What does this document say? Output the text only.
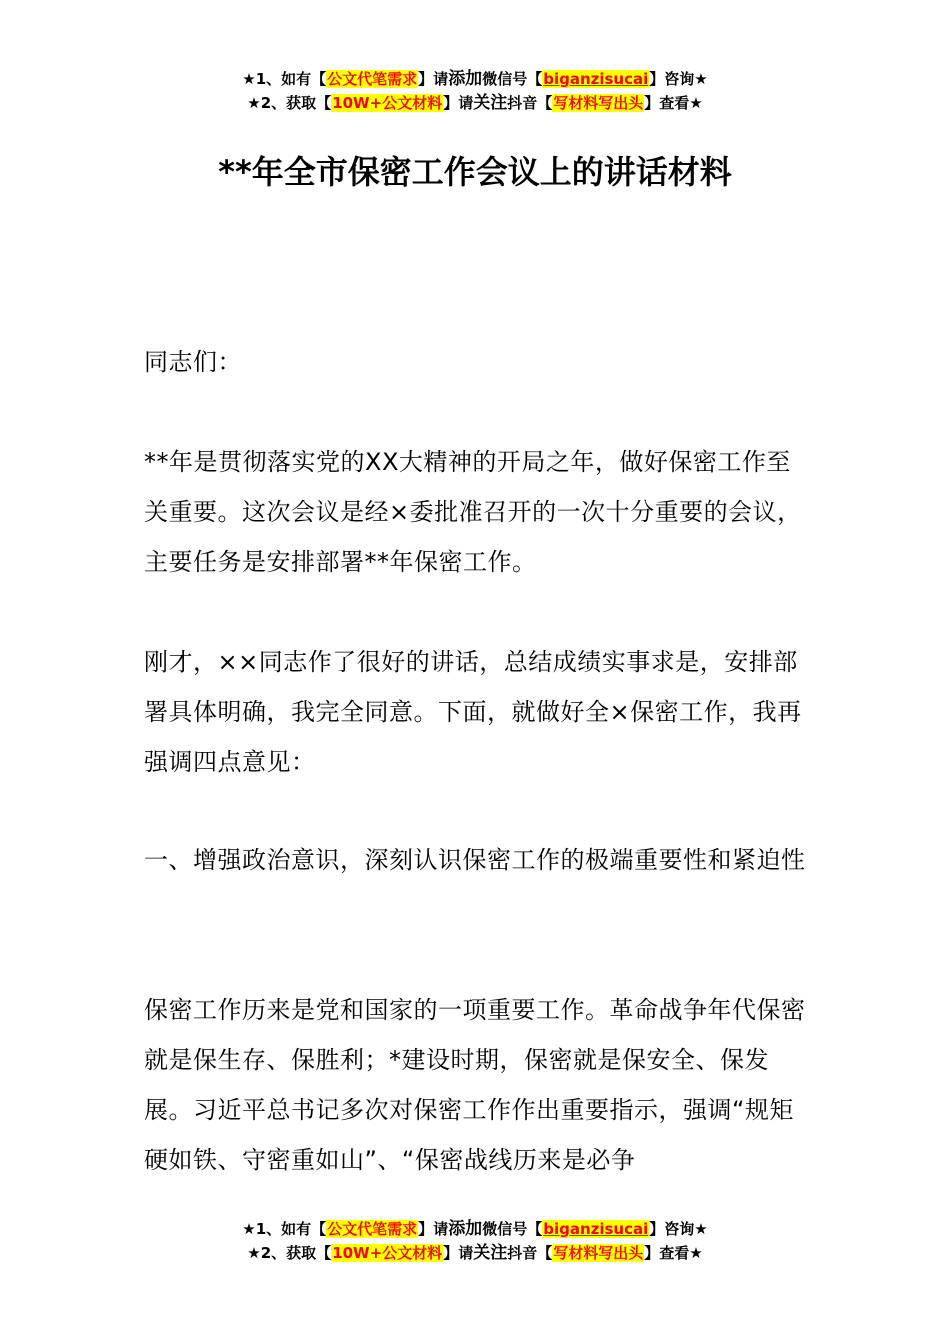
★1、如有【公文代笔需求】请添加微信号【biganzisucai】咨询★
★2、获取【10W+公文材料】请关注抖音【写材料写出头】查看★
**年全市保密工作会议上的讲话材料

同志们：

**年是贯彻落实党的XX大精神的开局之年，做好保密工作至关重要。这次会议是经×委批准召开的一次十分重要的会议，主要任务是安排部署**年保密工作。

刚才，××同志作了很好的讲话，总结成绩实事求是，安排部署具体明确，我完全同意。下面，就做好全×保密工作，我再强调四点意见：

一、增强政治意识，深刻认识保密工作的极端重要性和紧迫性

保密工作历来是党和国家的一项重要工作。革命战争年代保密就是保生存、保胜利；*建设时期，保密就是保安全、保发展。习近平总书记多次对保密工作作出重要指示，强调“规矩硬如铁、守密重如山”、“保密战线历来是必争

★1、如有【公文代笔需求】请添加微信号【biganzisucai】咨询★
★2、获取【10W+公文材料】请关注抖音【写材料写出头】查看★
